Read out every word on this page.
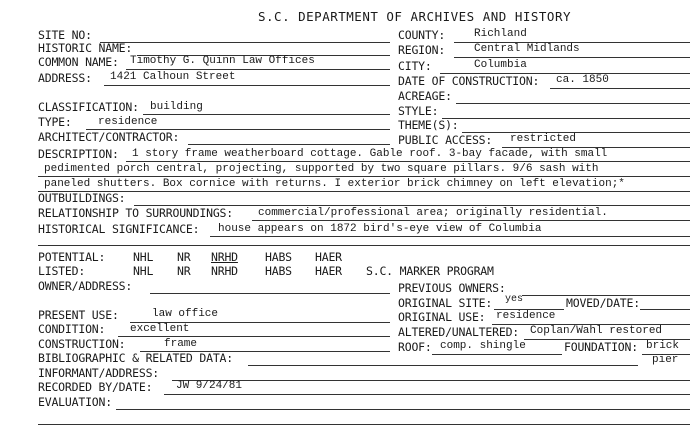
S.C. DEPARTMENT OF ARCHIVES AND HISTORY
SITE NO:
HISTORIC NAME:
COMMON NAME: Timothy G. Quinn Law Offices
ADDRESS: 1421 Calhoun Street
CLASSIFICATION: building
TYPE: residence
ARCHITECT/CONTRACTOR:
COUNTY:	Richland
REGION:	Central Midlands
CITY:	Columbia
DATE OF CONSTRUCTION: ca. 1850
ACREAGE:
STYLE:
THEME(S):
PUBLIC ACCESS: restricted
DESCRIPTION: 1 story frame weatherboard cottage. Gable roof. 3-bay facade, with small
pedimented porch central, projecting, supported by two square pillars. 9/6 sash with
paneled shutters. Box cornice with returns. I exterior brick chimney on left elevation;*
OUTBUILDINGS:
RELATIONSHIP TO SURROUNDINGS: commercial/professional area; originally residential.
HISTORICAL SIGNIFICANCE: house appears on 1872 bird's-eye view of Columbia
POTENTIAL: NHL NR NRHD HABS HAER
LISTED:	NHL NR NRHD HABS HAER S.C. MARKER PROGRAM
OWNER/ADDRESS:	PREVIOUS OWNERS:
ORIGINAL SITE: yes	MOVED/DATE:
PRESENT USE:	law office	ORIGINAL USE: residence
CONDITION: excellent	ALTERED/UNALTERED: Coplan/Wahl restored
CONSTRUCTION:	frame	ROOF: comp. shingle	FOUNDATION: brick
pier
BIBLIOGRAPHIC & RELATED DATA:
INFORMANT/ADDRESS:
RECORDED BY/DATE: JW 9/24/81
EVALUATION:
